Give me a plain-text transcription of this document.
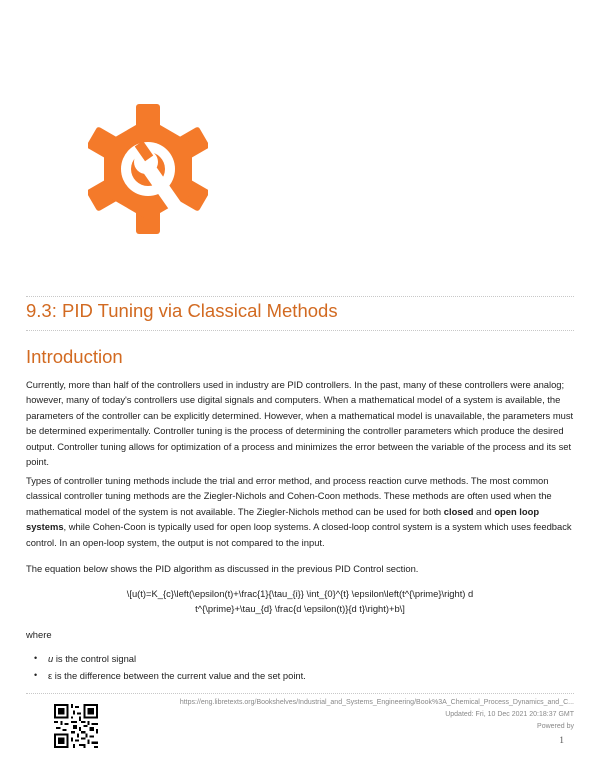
9.3: PID Tuning via Classical Methods
Introduction

Currently, more than half of the controllers used in industry are PID controllers. In the past, many of these controllers were analog; however, many of today's controllers use digital signals and computers. When a mathematical model of a system is available, the parameters of the controller can be explicitly determined. However, when a mathematical model is unavailable, the parameters must be determined experimentally. Controller tuning is the process of determining the controller parameters which produce the desired output. Controller tuning allows for optimization of a process and minimizes the error between the variable of the process and its set point.

Types of controller tuning methods include the trial and error method, and process reaction curve methods. The most common classical controller tuning methods are the Ziegler-Nichols and Cohen-Coon methods. These methods are often used when the mathematical model of the system is not available. The Ziegler-Nichols method can be used for both closed and open loop systems, while Cohen-Coon is typically used for open loop systems. A closed-loop control system is a system which uses feedback control. In an open-loop system, the output is not compared to the input.

The equation below shows the PID algorithm as discussed in the previous PID Control section.

\[u(t)=K_{c}\left(\epsilon(t)+\frac{1}{\tau_{i}} \int_{0}^{t} \epsilon\left(t^{\prime}\right) d t^{\prime}+\tau_{d} \frac{d \epsilon(t)}{d t}\right)+b\]

where

• u is the control signal
• ε is the difference between the current value and the set point.
https://eng.libretexts.org/Bookshelves/Industrial_and_Systems_Engineering/Book%3A_Chemical_Process_Dynamics_and_C...
Updated: Fri, 10 Dec 2021 20:18:37 GMT
Powered by
1
